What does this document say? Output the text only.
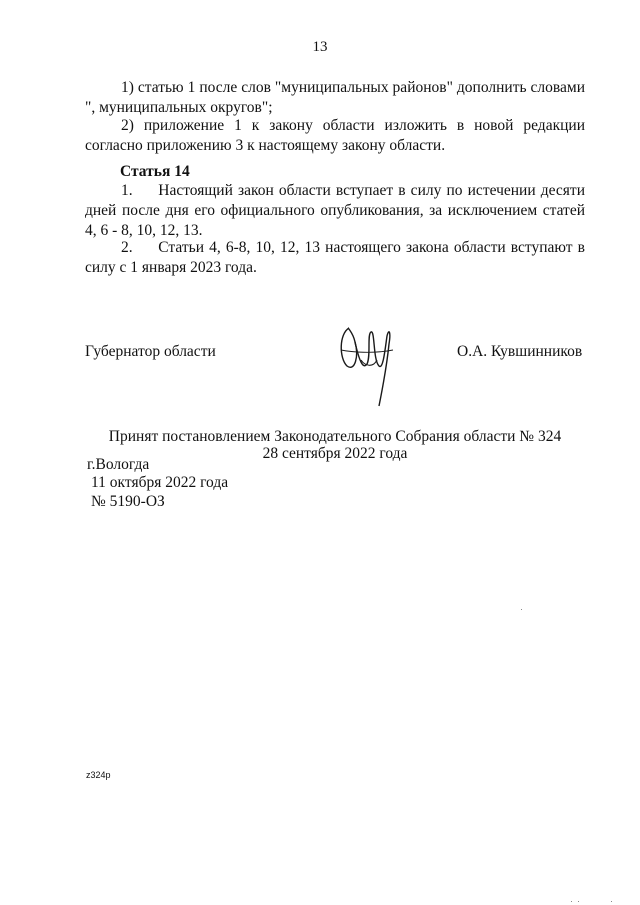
13
1) статью 1 после слов "муниципальных районов" дополнить словами ", муниципальных округов";
2) приложение 1 к закону области изложить в новой редакции согласно приложению 3 к настоящему закону области.
Статья 14
1.     Настоящий закон области вступает в силу по истечении десяти дней после дня его официального опубликования, за исключением статей 4, 6 - 8, 10, 12, 13.
2.     Статьи 4, 6-8, 10, 12, 13 настоящего закона области вступают в силу с 1 января 2023 года.
Губернатор области	О.А. Кувшинников
Принят постановлением Законодательного Собрания области № 324
28 сентября 2022 года
г.Вологда
11 октября 2022 года
№ 5190-ОЗ
z324p
